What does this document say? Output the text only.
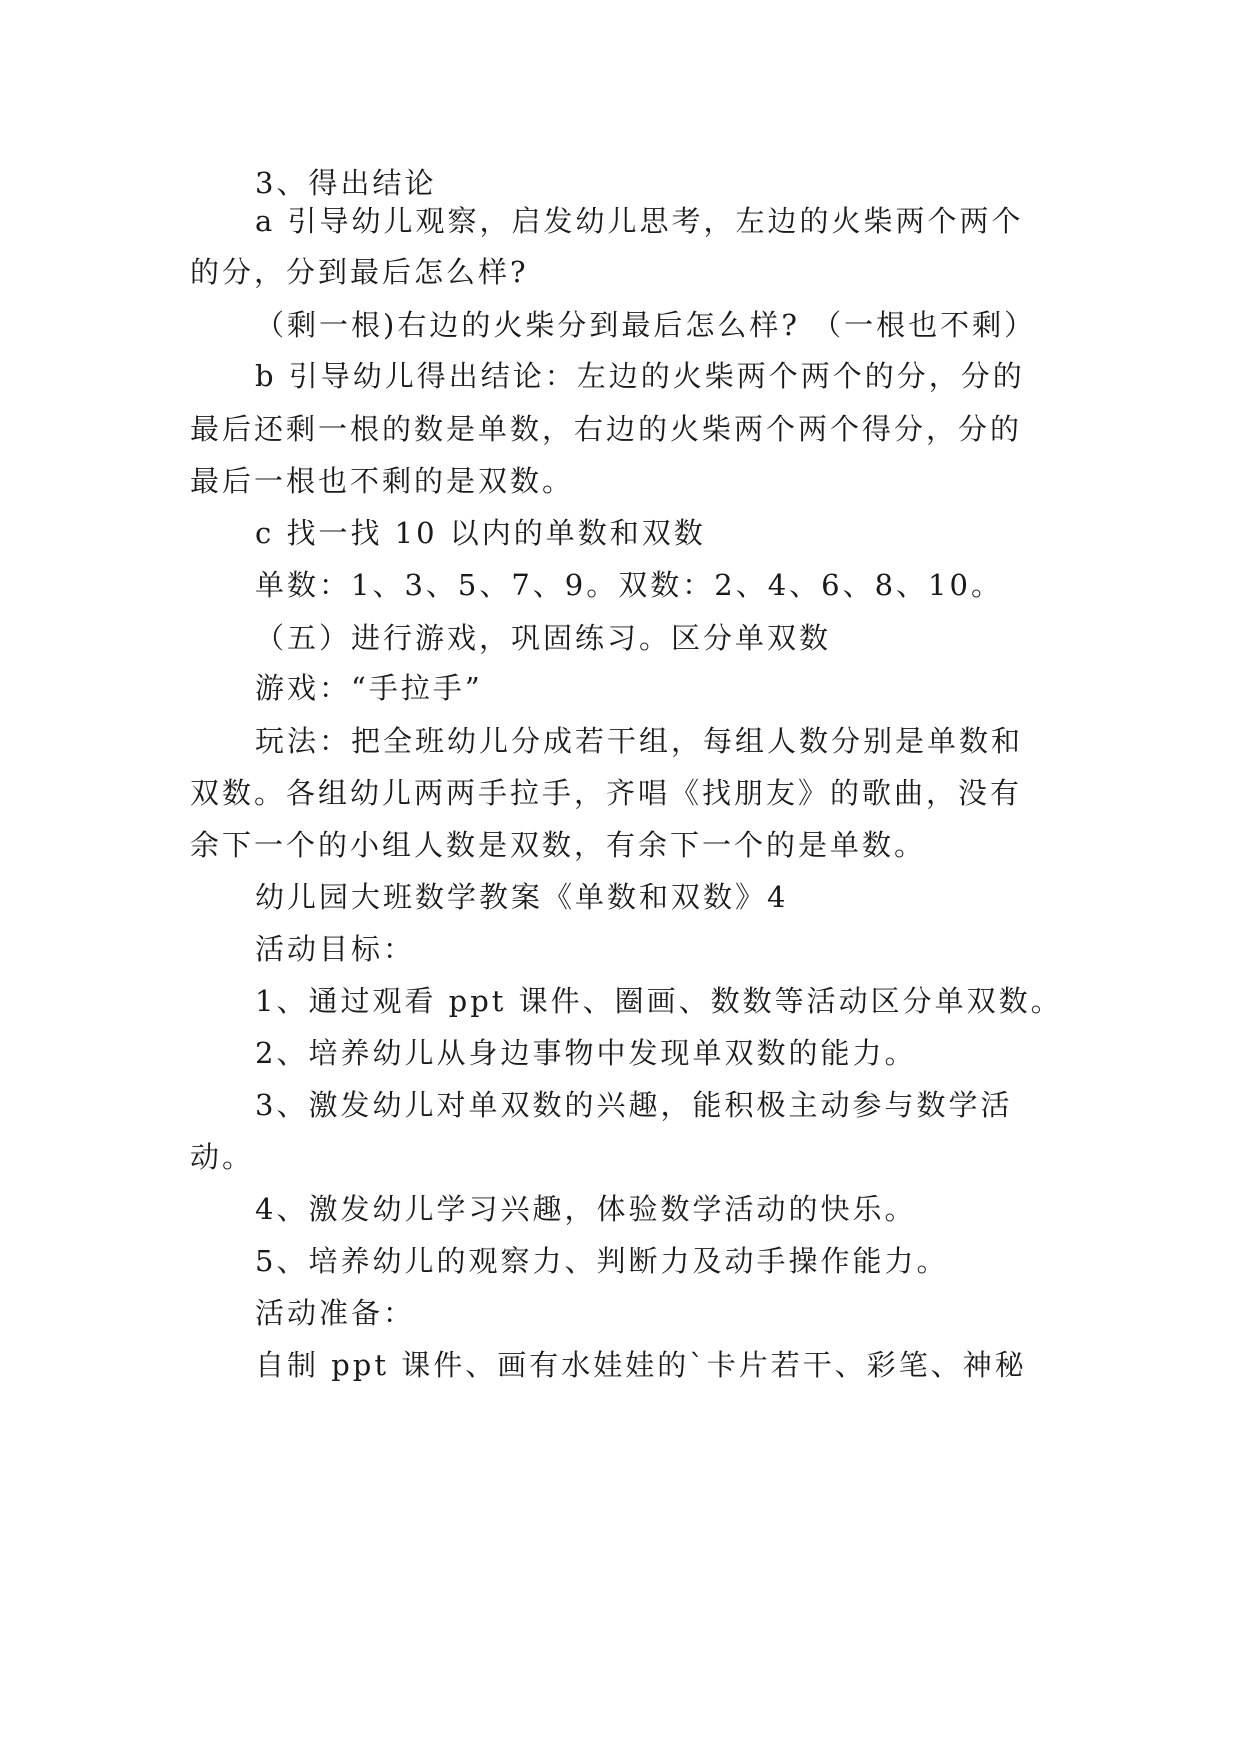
3、得出结论
a 引导幼儿观察，启发幼儿思考，左边的火柴两个两个
的分，分到最后怎么样?
（剩一根)右边的火柴分到最后怎么样? （一根也不剩）
b 引导幼儿得出结论：左边的火柴两个两个的分，分的
最后还剩一根的数是单数，右边的火柴两个两个得分，分的
最后一根也不剩的是双数。
c 找一找 10 以内的单数和双数
单数：1、3、5、7、9。双数：2、4、6、8、10。
（五）进行游戏，巩固练习。区分单双数
游戏：“手拉手”
玩法：把全班幼儿分成若干组，每组人数分别是单数和
双数。各组幼儿两两手拉手，齐唱《找朋友》的歌曲，没有
余下一个的小组人数是双数，有余下一个的是单数。
幼儿园大班数学教案《单数和双数》4
活动目标：
1、通过观看 ppt 课件、圈画、数数等活动区分单双数。
2、培养幼儿从身边事物中发现单双数的能力。
3、激发幼儿对单双数的兴趣，能积极主动参与数学活
动。
4、激发幼儿学习兴趣，体验数学活动的快乐。
5、培养幼儿的观察力、判断力及动手操作能力。
活动准备：
自制 ppt 课件、画有水娃娃的`卡片若干、彩笔、神秘
